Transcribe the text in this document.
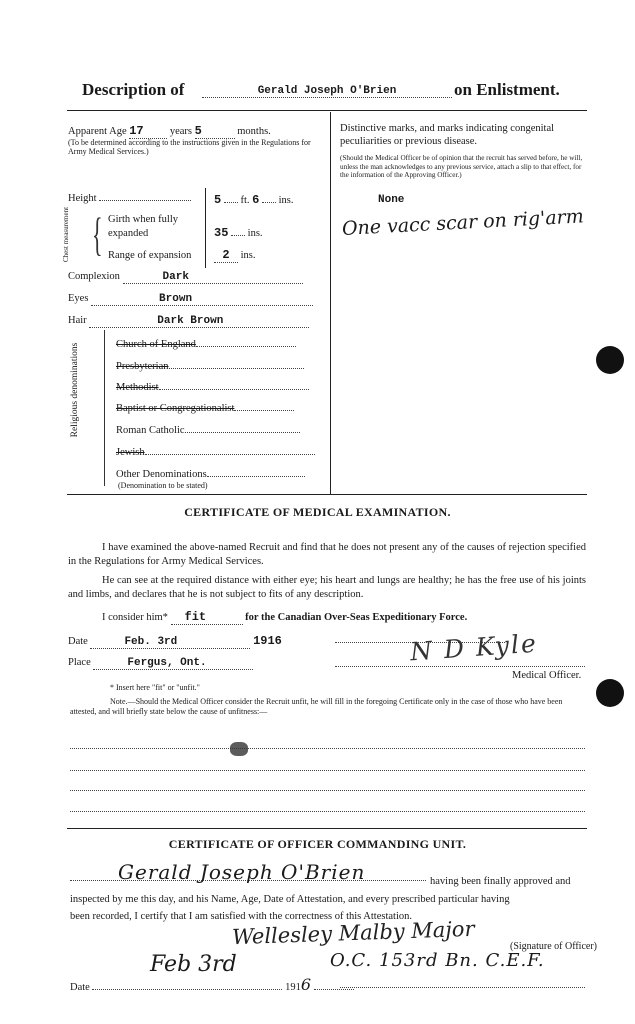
Description of	Gerald Joseph O'Brien	on Enlistment.
Apparent Age 17 years 5	months.
(To be determined according to the instructions given in the Regulations for Army Medical Services.)
Height	5 ft. 6 ins.
Chest measurement { Girth when fully expanded	35 ins.
Range of expansion	2 ins.
Complexion	Dark
Eyes	Brown
Hair	Dark Brown
Religious denominations	Church of England
Presbyterian
Methodist
Baptist or Congregationalist
Roman Catholic
Jewish
Other Denominations
(Denomination to be stated)
Distinctive marks, and marks indicating congenital peculiarities or previous disease.
(Should the Medical Officer be of opinion that the recruit has served before, he will, unless the man acknowledges to any previous service, attach a slip to that effect, for the information of the Approving Officer.)
None
One vacc scar on rig'arm
CERTIFICATE OF MEDICAL EXAMINATION.
I have examined the above-named Recruit and find that he does not present any of the causes of rejection specified in the Regulations for Army Medical Services.
He can see at the required distance with either eye; his heart and lungs are healthy; he has the free use of his joints and limbs, and declares that he is not subject to fits of any description.
I consider him* fit	for the Canadian Over-Seas Expeditionary Force.
Date	Feb. 3rd	1916
Place	Fergus, Ont.	N D Kyle
Medical Officer.
* Insert here "fit" or "unfit."
Note.—Should the Medical Officer consider the Recruit unfit, he will fill in the foregoing Certificate only in the case of those who have been attested, and will briefly state below the cause of unfitness:—
CERTIFICATE OF OFFICER COMMANDING UNIT.
Gerald Joseph O'Brien	having been finally approved and
inspected by me this day, and his Name, Age, Date of Attestation, and every prescribed particular having
been recorded, I certify that I am satisfied with the correctness of this Attestation.
Wellesley Malby Major	(Signature of Officer)
O.C. 153rd Bn. C.E.F.
Feb 3rd
Date	1916
